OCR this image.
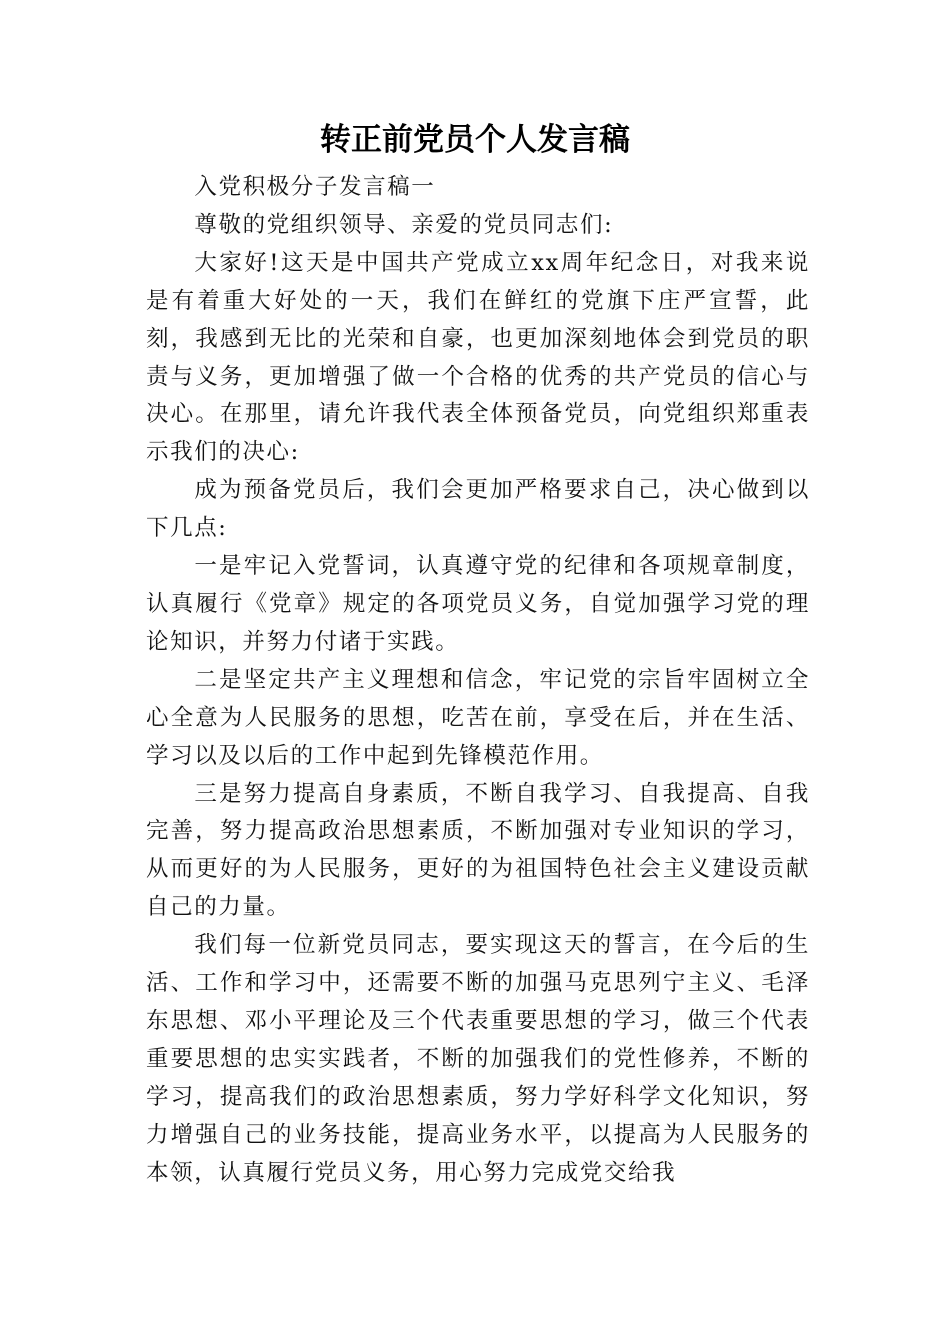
转正前党员个人发言稿

入党积极分子发言稿一

尊敬的党组织领导、亲爱的党员同志们:

大家好!这天是中国共产党成立xx周年纪念日，对我来说是有着重大好处的一天，我们在鲜红的党旗下庄严宣誓，此刻，我感到无比的光荣和自豪，也更加深刻地体会到党员的职责与义务，更加增强了做一个合格的优秀的共产党员的信心与决心。在那里，请允许我代表全体预备党员，向党组织郑重表示我们的决心:

成为预备党员后，我们会更加严格要求自己，决心做到以下几点:

一是牢记入党誓词，认真遵守党的纪律和各项规章制度，认真履行《党章》规定的各项党员义务，自觉加强学习党的理论知识，并努力付诸于实践。

二是坚定共产主义理想和信念，牢记党的宗旨牢固树立全心全意为人民服务的思想，吃苦在前，享受在后，并在生活、学习以及以后的工作中起到先锋模范作用。

三是努力提高自身素质，不断自我学习、自我提高、自我完善，努力提高政治思想素质，不断加强对专业知识的学习，从而更好的为人民服务，更好的为祖国特色社会主义建设贡献自己的力量。

我们每一位新党员同志，要实现这天的誓言，在今后的生活、工作和学习中，还需要不断的加强马克思列宁主义、毛泽东思想、邓小平理论及三个代表重要思想的学习，做三个代表重要思想的忠实实践者，不断的加强我们的党性修养，不断的学习，提高我们的政治思想素质，努力学好科学文化知识，努力增强自己的业务技能，提高业务水平，以提高为人民服务的本领，认真履行党员义务，用心努力完成党交给我
